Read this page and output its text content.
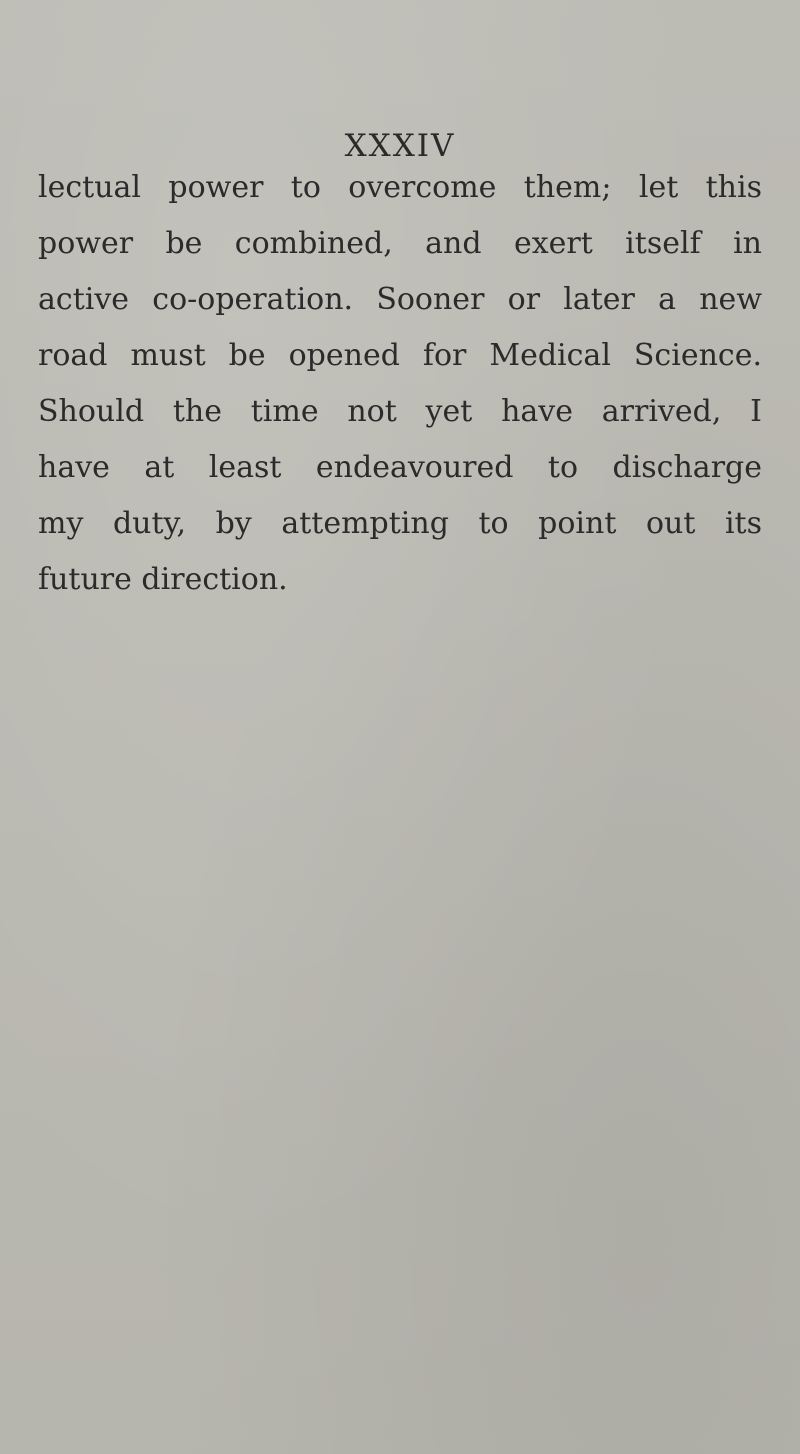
XXXIV
lectual power to overcome them; let this
power be combined, and exert itself in
active co-operation. Sooner or later a new
road must be opened for Medical Science.
Should the time not yet have arrived, I
have at least endeavoured to discharge
my duty, by attempting to point out its
future direction.
